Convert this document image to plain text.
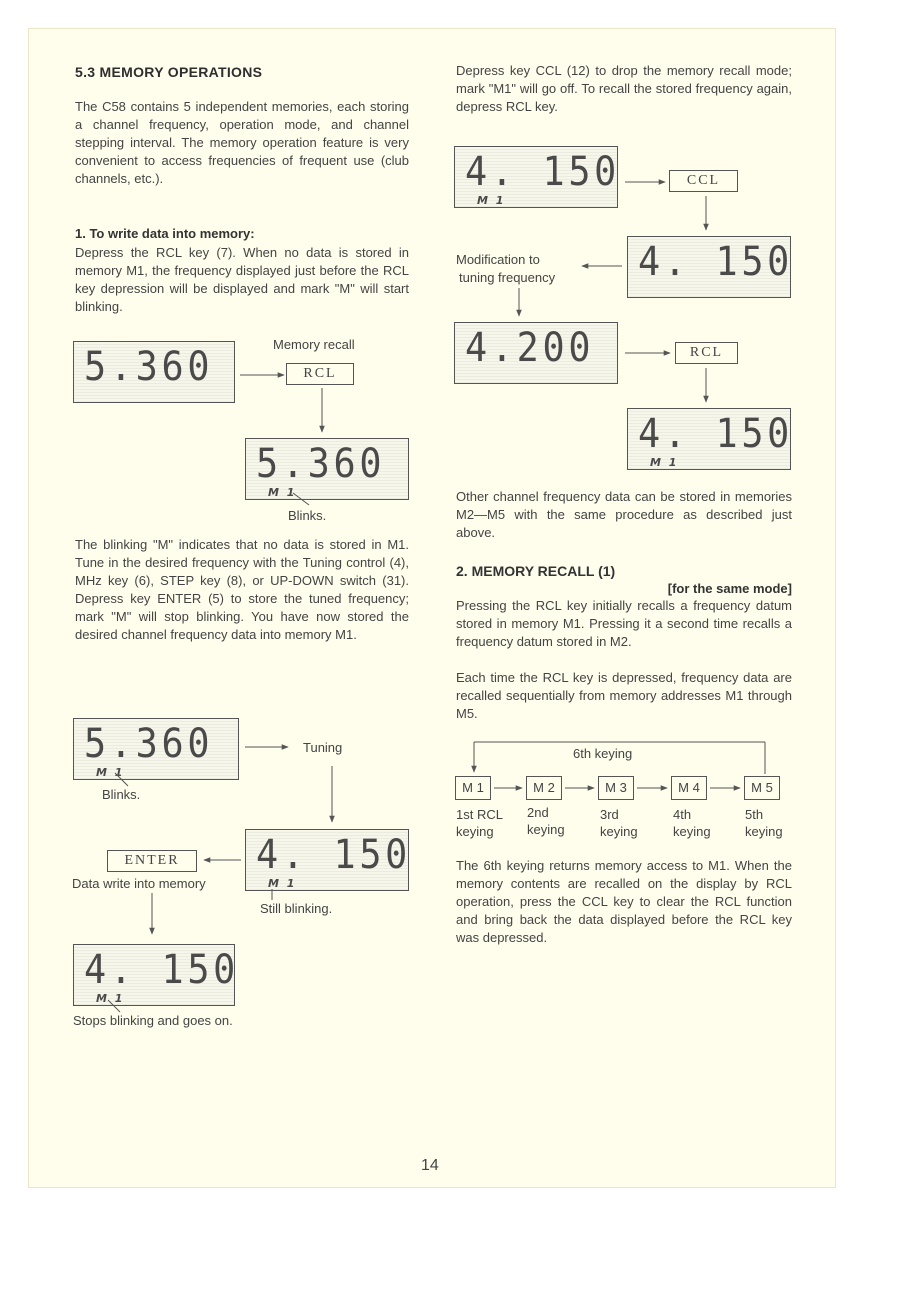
5.3 MEMORY OPERATIONS
The C58 contains 5 independent memories, each storing a channel frequency, operation mode, and channel stepping interval. The memory operation feature is very convenient to access frequencies of frequent use (club channels, etc.).
1. To write data into memory:
Depress the RCL key (7). When no data is stored in memory M1, the frequency displayed just before the RCL key depression will be displayed and mark "M" will start blinking.
5.360	Memory recall
RCL
5.360
M 1
Blinks.
The blinking "M" indicates that no data is stored in M1. Tune in the desired frequency with the Tuning control (4), MHz key (6), STEP key (8), or UP-DOWN switch (31). Depress key ENTER (5) to store the tuned frequency; mark "M" will stop blinking. You have now stored the desired channel frequency data into memory M1.
5.360
M 1
Blinks.
Tuning
4. 150
M 1
ENTER
Data write into memory
Still blinking.
4. 150
M 1
Stops blinking and goes on.
Depress key CCL (12) to drop the memory recall mode; mark "M1" will go off. To recall the stored frequency again, depress RCL key.
4. 150
M 1
CCL
4. 150
Modification to
tuning frequency
4.200	RCL
4. 150
M 1
Other channel frequency data can be stored in memories M2—M5 with the same procedure as described just above.
2. MEMORY RECALL (1)
[for the same mode]
Pressing the RCL key initially recalls a frequency datum stored in memory M1. Pressing it a second time recalls a frequency datum stored in M2.
Each time the RCL key is depressed, frequency data are recalled sequentially from memory addresses M1 through M5.
6th keying
M 1	M 2	M 3	M 4	M 5
1st RCL
keying
2nd
keying
3rd
keying
4th
keying
5th
keying
The 6th keying returns memory access to M1. When the memory contents are recalled on the display by RCL operation, press the CCL key to clear the RCL function and bring back the data displayed before the RCL key was depressed.
14
